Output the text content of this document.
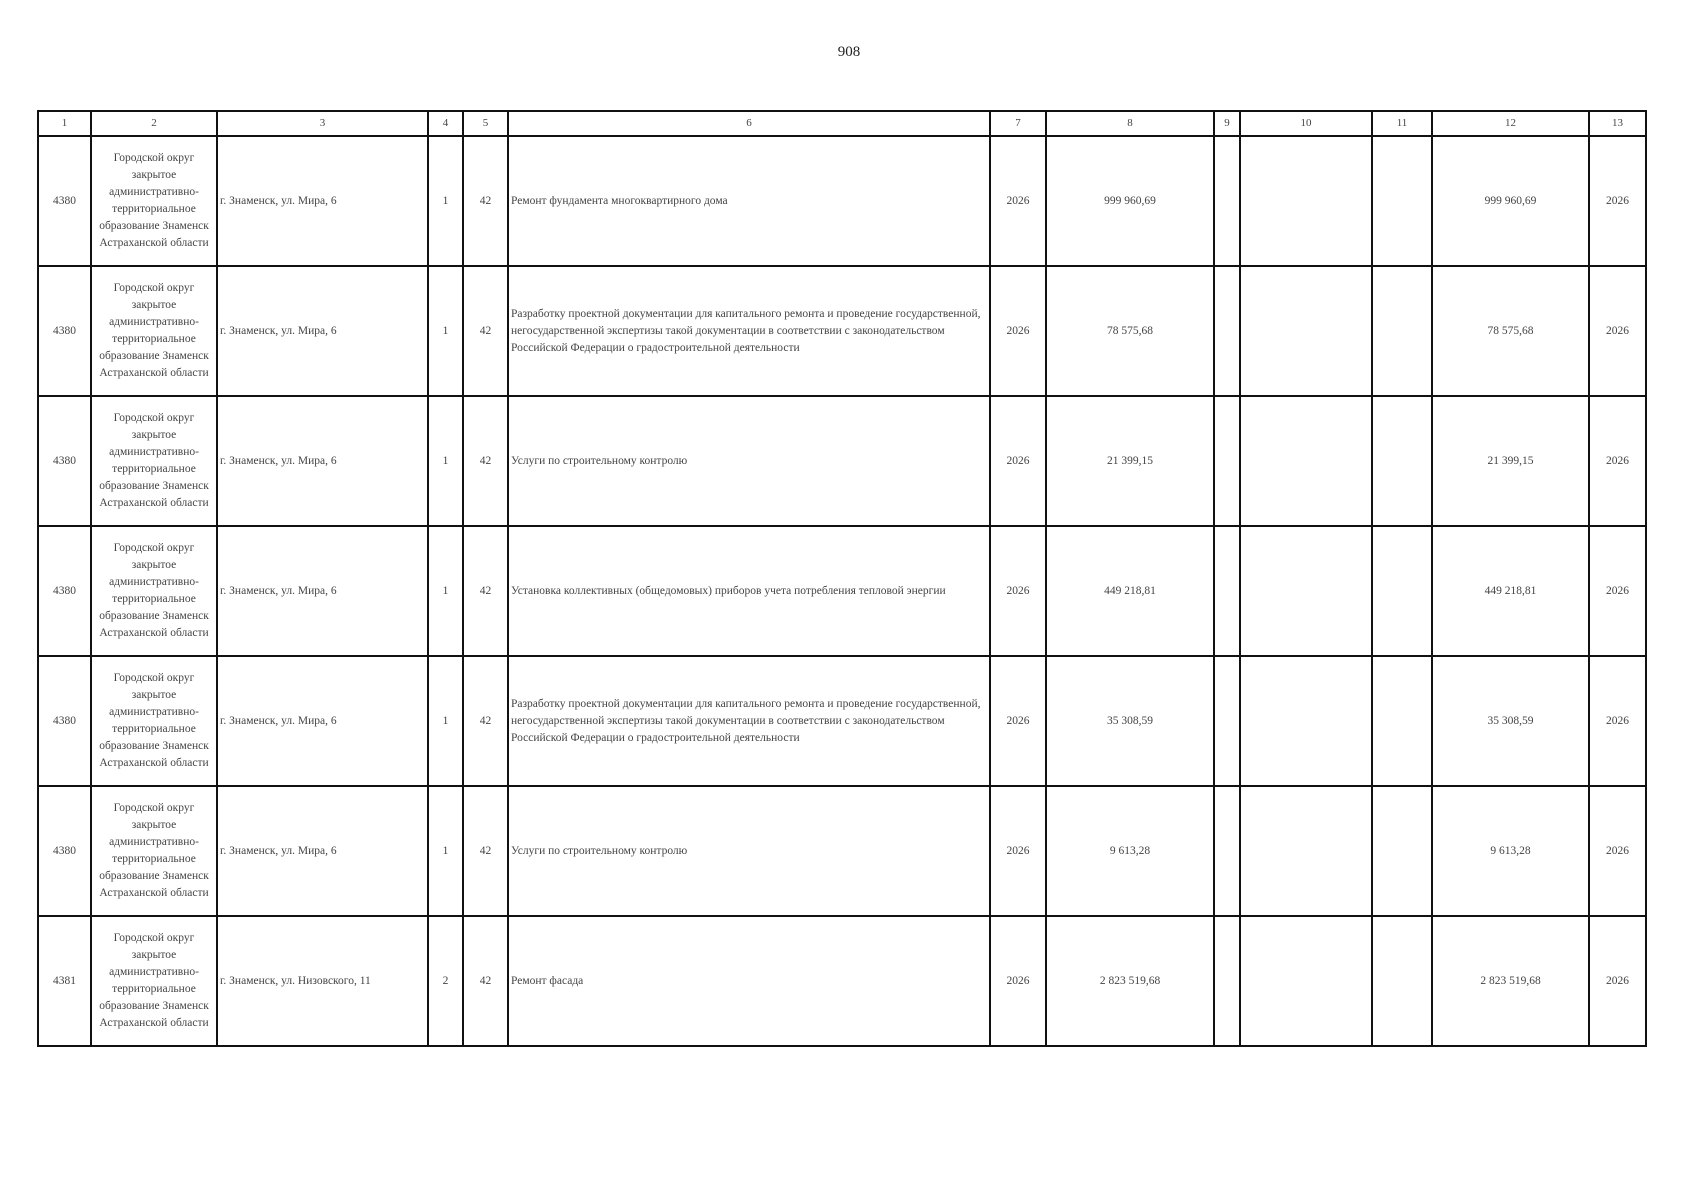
908
1	2	3	4	5	6	7	8	9	10	11	12	13
4380	Городской округ закрытое административно-территориальное образование Знаменск Астраханской области	г. Знаменск, ул. Мира, 6	1	42	Ремонт фундамента многоквартирного дома	2026	999 960,69				999 960,69	2026
4380	Городской округ закрытое административно-территориальное образование Знаменск Астраханской области	г. Знаменск, ул. Мира, 6	1	42	Разработку проектной документации для капитального ремонта и проведение государственной, негосударственной экспертизы такой документации в соответствии с законодательством Российской Федерации о градостроительной деятельности	2026	78 575,68				78 575,68	2026
4380	Городской округ закрытое административно-территориальное образование Знаменск Астраханской области	г. Знаменск, ул. Мира, 6	1	42	Услуги по строительному контролю	2026	21 399,15				21 399,15	2026
4380	Городской округ закрытое административно-территориальное образование Знаменск Астраханской области	г. Знаменск, ул. Мира, 6	1	42	Установка коллективных (общедомовых) приборов учета потребления тепловой энергии	2026	449 218,81				449 218,81	2026
4380	Городской округ закрытое административно-территориальное образование Знаменск Астраханской области	г. Знаменск, ул. Мира, 6	1	42	Разработку проектной документации для капитального ремонта и проведение государственной, негосударственной экспертизы такой документации в соответствии с законодательством Российской Федерации о градостроительной деятельности	2026	35 308,59				35 308,59	2026
4380	Городской округ закрытое административно-территориальное образование Знаменск Астраханской области	г. Знаменск, ул. Мира, 6	1	42	Услуги по строительному контролю	2026	9 613,28				9 613,28	2026
4381	Городской округ закрытое административно-территориальное образование Знаменск Астраханской области	г. Знаменск, ул. Низовского, 11	2	42	Ремонт фасада	2026	2 823 519,68				2 823 519,68	2026
